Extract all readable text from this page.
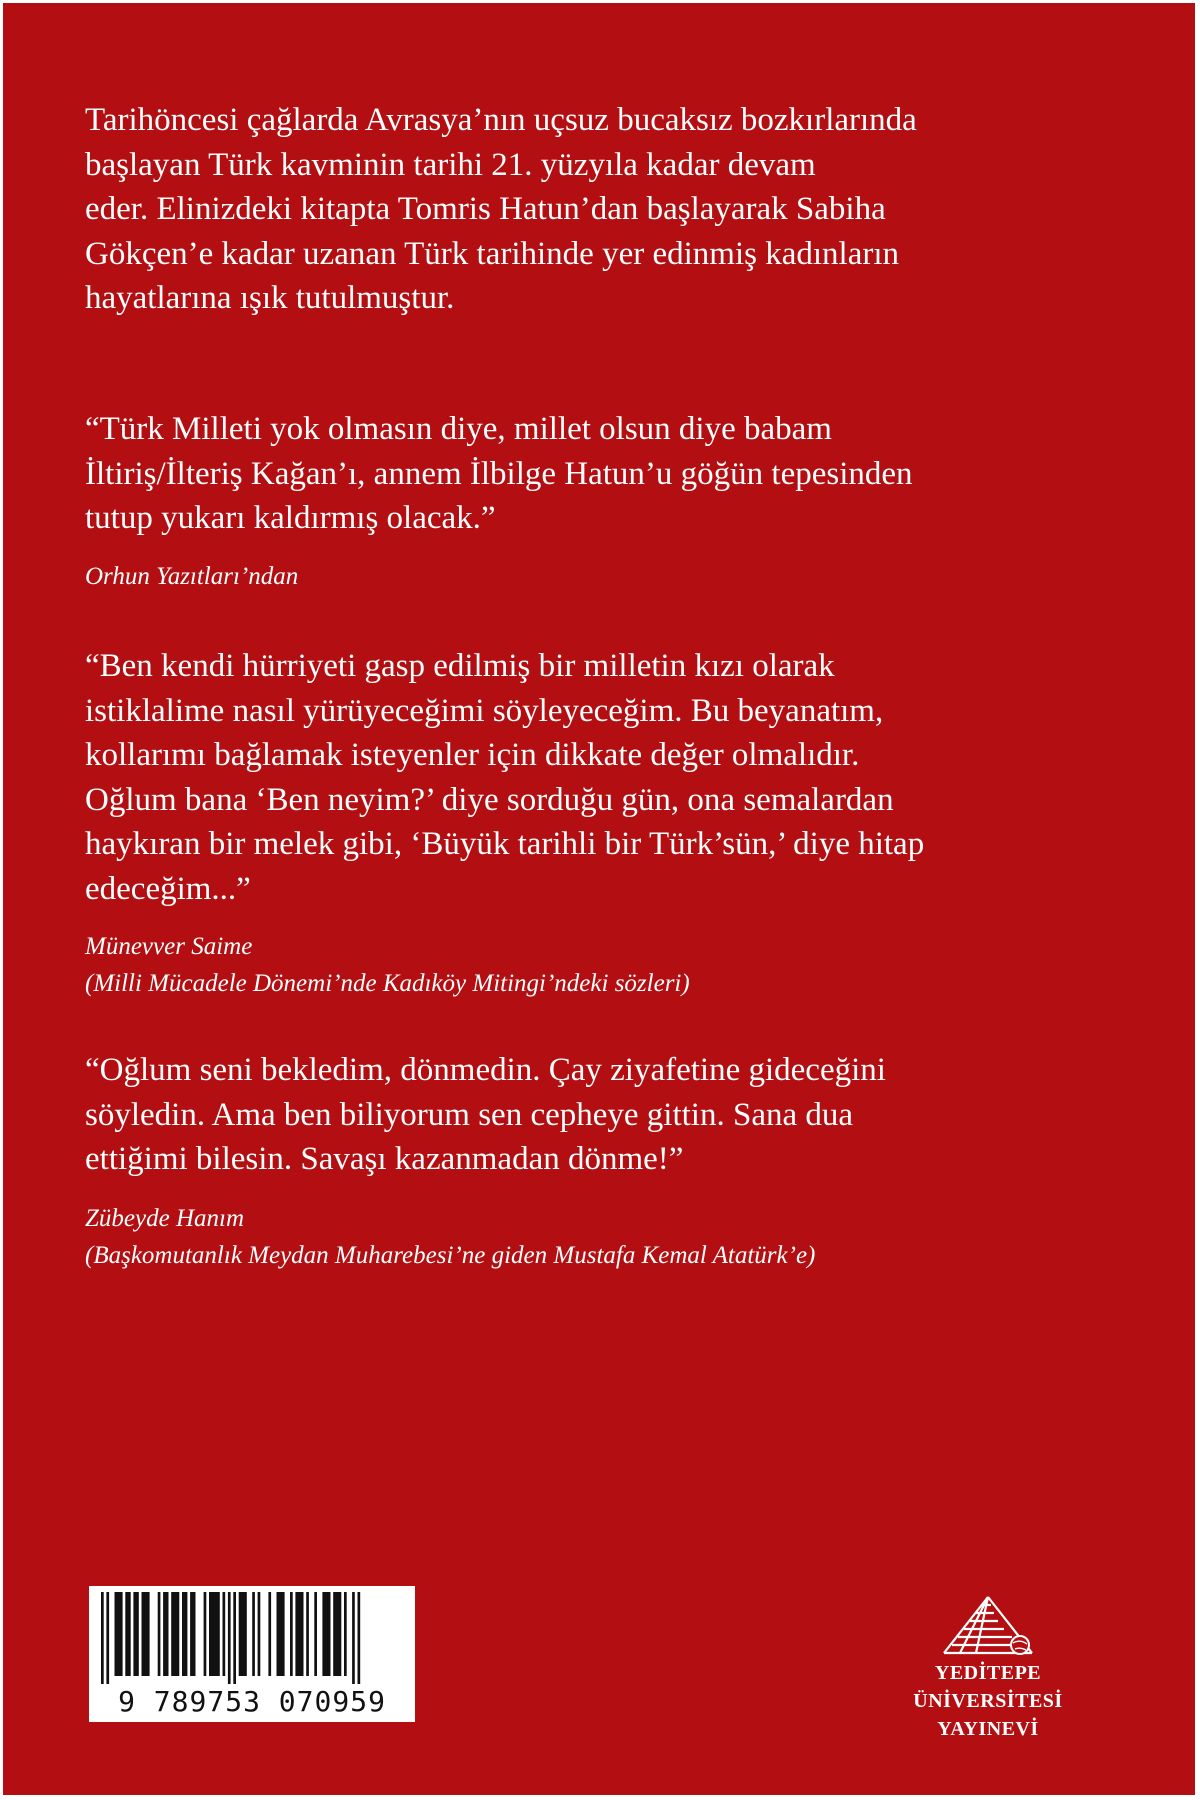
Tarihöncesi çağlarda Avrasya’nın uçsuz bucaksız bozkırlarında
başlayan Türk kavminin tarihi 21. yüzyıla kadar devam
eder. Elinizdeki kitapta Tomris Hatun’dan başlayarak Sabiha
Gökçen’e kadar uzanan Türk tarihinde yer edinmiş kadınların
hayatlarına ışık tutulmuştur.

“Türk Milleti yok olmasın diye, millet olsun diye babam
İltiriş/İlteriş Kağan’ı, annem İlbilge Hatun’u göğün tepesinden
tutup yukarı kaldırmış olacak.”

Orhun Yazıtları’ndan

“Ben kendi hürriyeti gasp edilmiş bir milletin kızı olarak
istiklalime nasıl yürüyeceğimi söyleyeceğim. Bu beyanatım,
kollarımı bağlamak isteyenler için dikkate değer olmalıdır.
Oğlum bana ‘Ben neyim?’ diye sorduğu gün, ona semalardan
haykıran bir melek gibi, ‘Büyük tarihli bir Türk’sün,’ diye hitap
edeceğim...”

Münevver Saime
(Milli Mücadele Dönemi’nde Kadıköy Mitingi’ndeki sözleri)

“Oğlum seni bekledim, dönmedin. Çay ziyafetine gideceğini
söyledin. Ama ben biliyorum sen cepheye gittin. Sana dua
ettiğimi bilesin. Savaşı kazanmadan dönme!”

Zübeyde Hanım
(Başkomutanlık Meydan Muharebesi’ne giden Mustafa Kemal Atatürk’e)
9 789753 070959
YEDİTEPE ÜNİVERSİTESİ
YAYINEVİ
